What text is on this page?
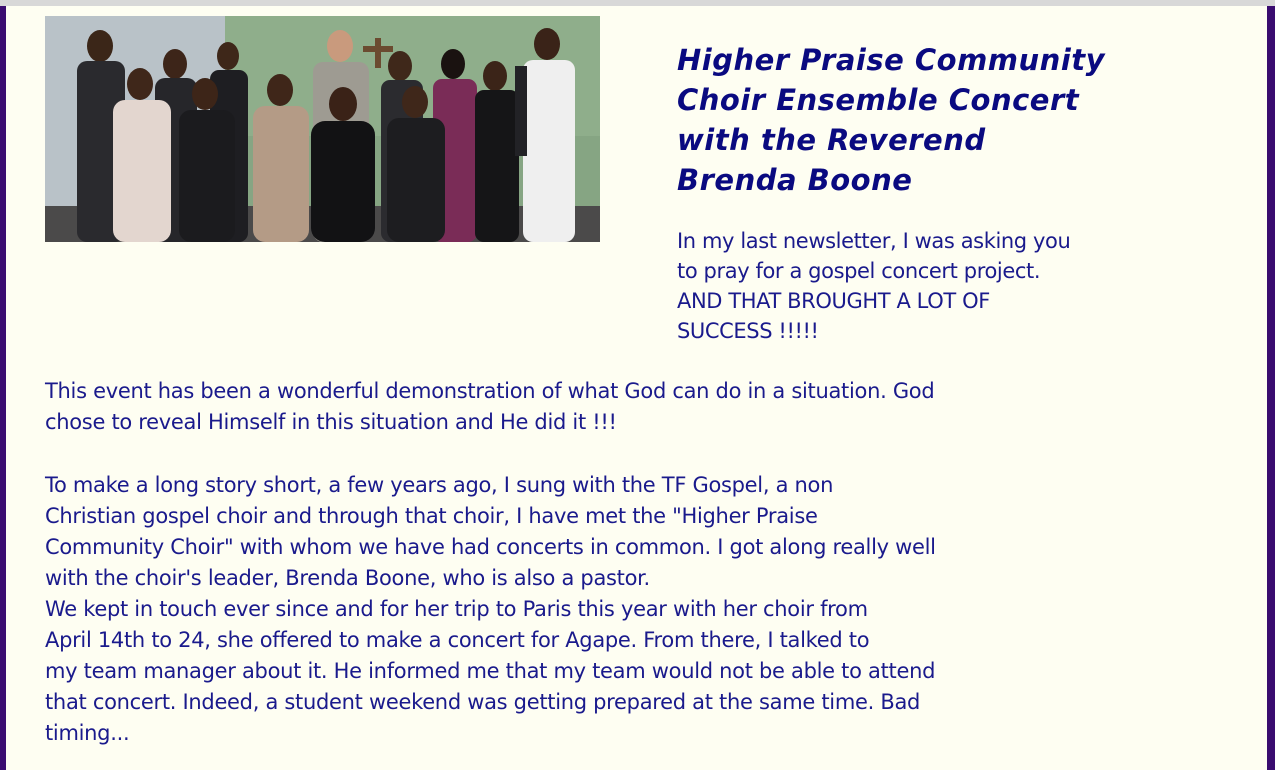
Higher Praise Community
Choir Ensemble Concert
with the Reverend
Brenda Boone
In my last newsletter, I was asking you
to pray for a gospel concert project.
AND THAT BROUGHT A LOT OF
SUCCESS !!!!!
This event has been a wonderful demonstration of what God can do in a situation. God
chose to reveal Himself in this situation and He did it !!!
To make a long story short, a few years ago, I sung with the TF Gospel, a non
Christian gospel choir and through that choir, I have met the "Higher Praise
Community Choir" with whom we have had concerts in common. I got along really well
with the choir's leader, Brenda Boone, who is also a pastor.
We kept in touch ever since and for her trip to Paris this year with her choir from
April 14th to 24, she offered to make a concert for Agape. From there, I talked to
my team manager about it. He informed me that my team would not be able to attend
that concert. Indeed, a student weekend was getting prepared at the same time. Bad
timing...
